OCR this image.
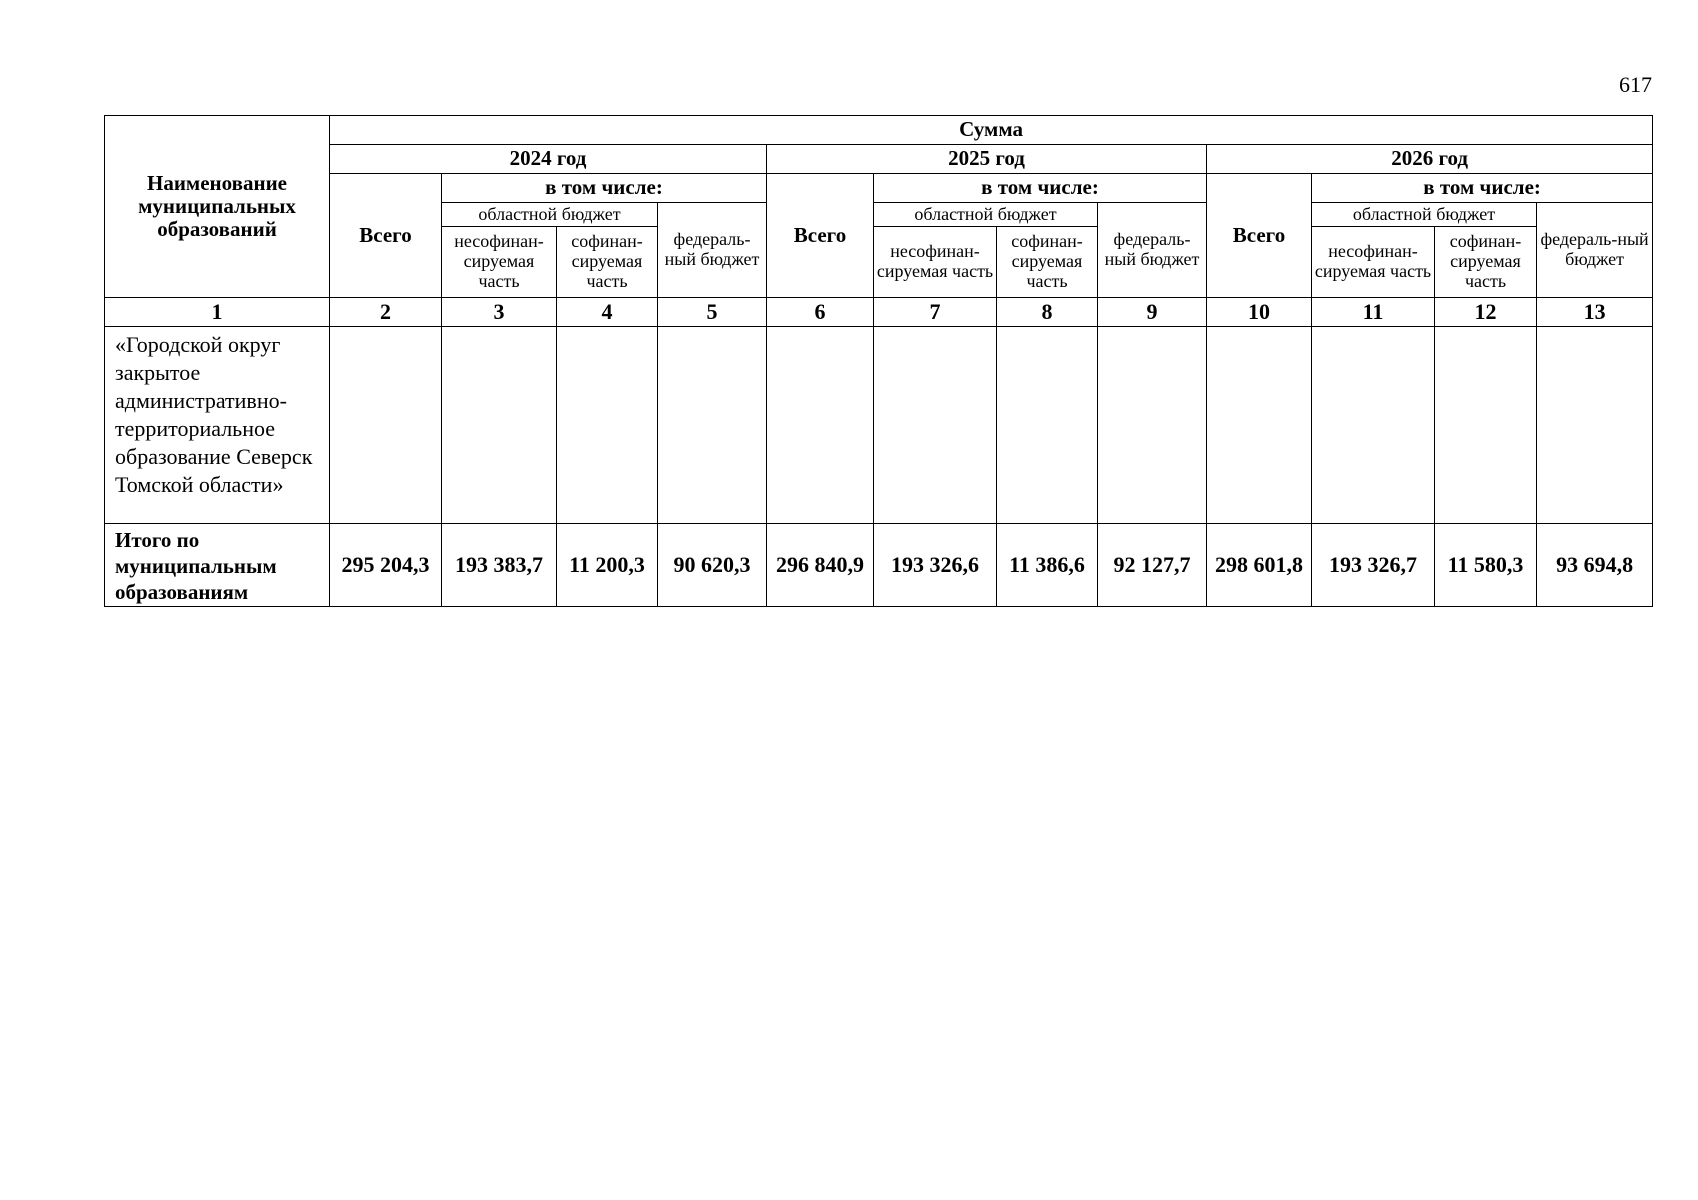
617
Наименование муниципальных образований	Сумма											
	2024 год				2025 год				2026 год			
	Всего	в том числе:			Всего	в том числе:			Всего	в том числе:		
		областной бюджет		федераль-ный бюджет		областной бюджет		федераль-ный бюджет		областной бюджет		федераль-ный бюджет
		несофинан-сируемая часть	софинан-сируемая часть			несофинан-сируемая часть	софинан-сируемая часть			несофинан-сируемая часть	софинан-сируемая часть	
1	2	3	4	5	6	7	8	9	10	11	12	13
«Городской округ закрытое административно-территориальное образование Северск Томской области»												
Итого по муниципальным образованиям	295 204,3	193 383,7	11 200,3	90 620,3	296 840,9	193 326,6	11 386,6	92 127,7	298 601,8	193 326,7	11 580,3	93 694,8
